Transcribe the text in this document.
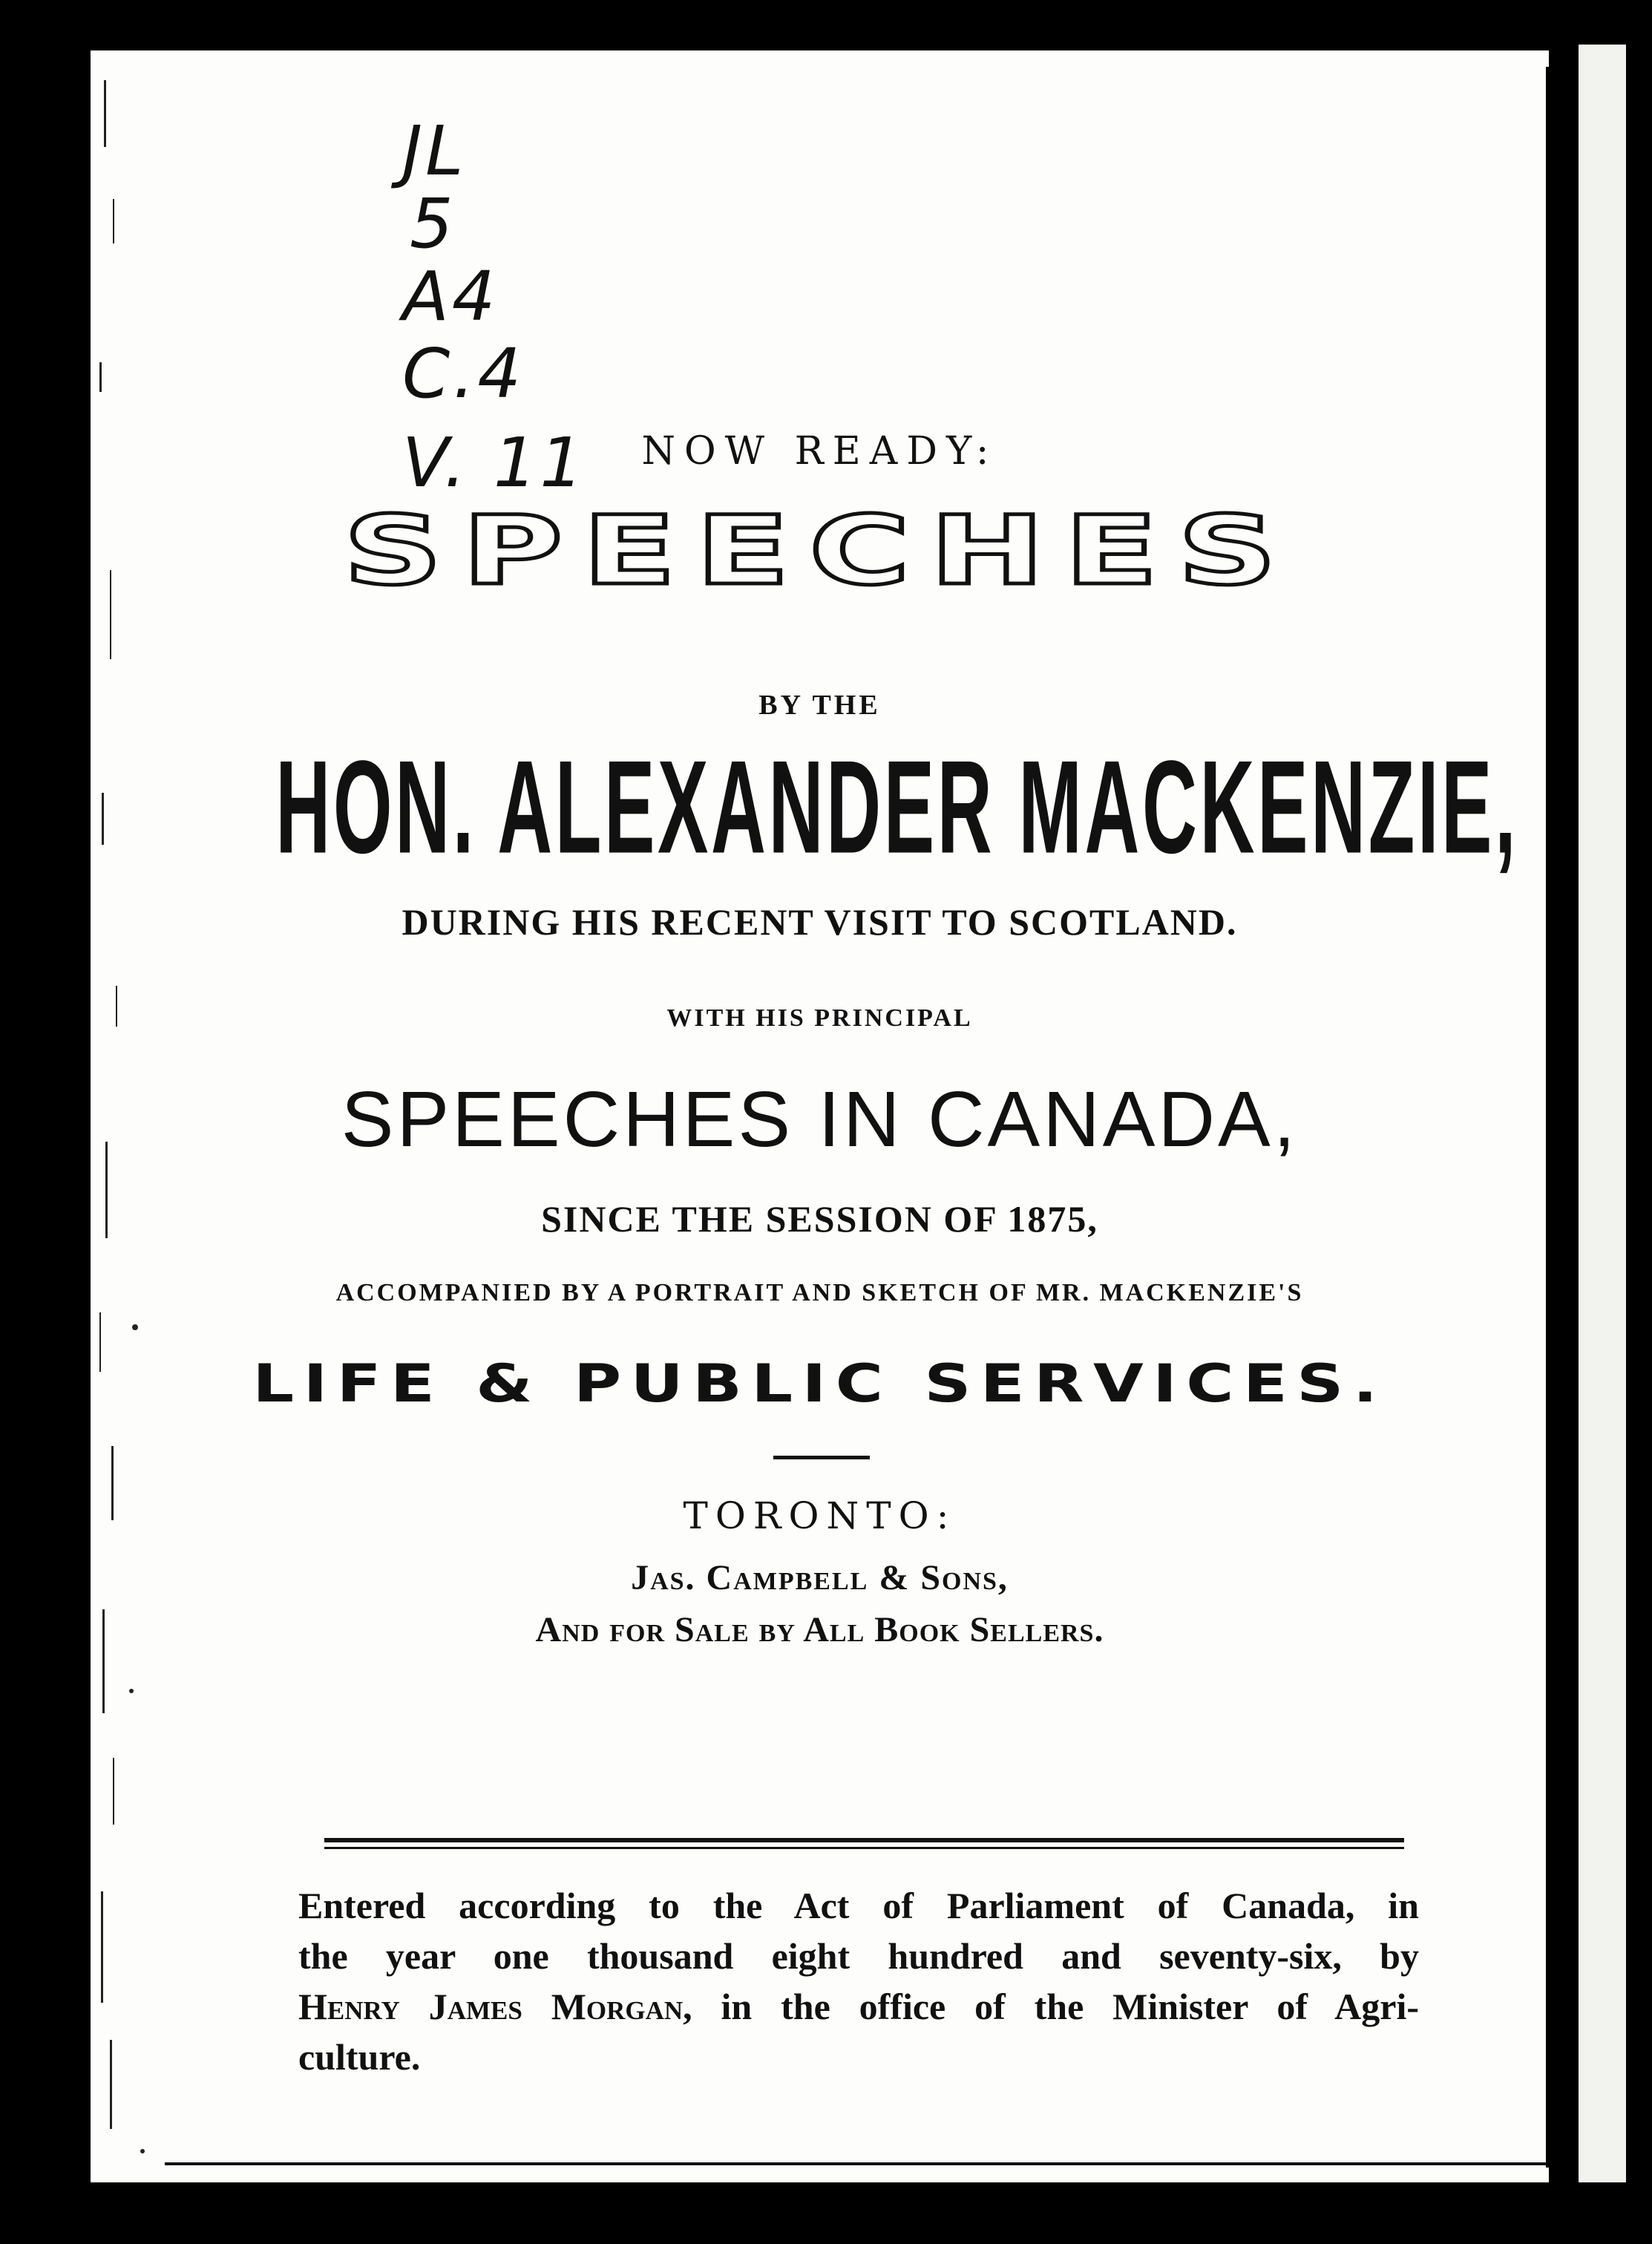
JL
5
A4
C.4
V. 11	NOW READY:
SPEECHES
BY THE
HON. ALEXANDER MACKENZIE,
DURING HIS RECENT VISIT TO SCOTLAND.
WITH HIS PRINCIPAL
SPEECHES IN CANADA,
SINCE THE SESSION OF 1875,
ACCOMPANIED BY A PORTRAIT AND SKETCH OF MR. MACKENZIE'S
LIFE & PUBLIC SERVICES.
TORONTO:
Jas. Campbell & Sons,
And for Sale by All Book Sellers.
Entered according to the Act of Parliament of Canada, in
the year one thousand eight hundred and seventy-six, by
Henry James Morgan, in the office of the Minister of Agri-
culture.
